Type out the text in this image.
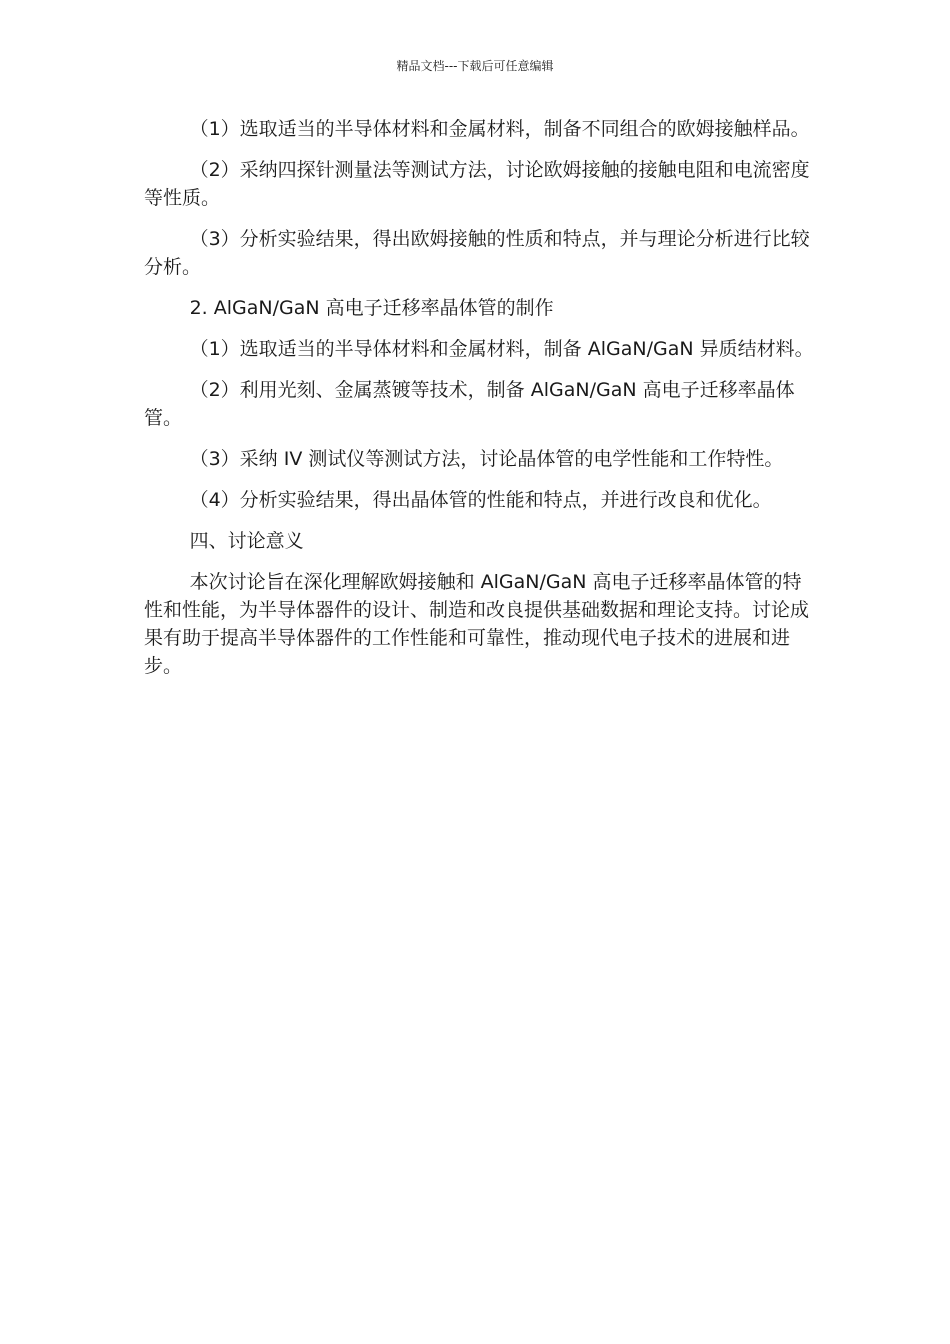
精品文档---下载后可任意编辑

（1）选取适当的半导体材料和金属材料，制备不同组合的欧姆接触样品。

（2）采纳四探针测量法等测试方法，讨论欧姆接触的接触电阻和电流密度等性质。

（3）分析实验结果，得出欧姆接触的性质和特点，并与理论分析进行比较分析。

2. AlGaN/GaN 高电子迁移率晶体管的制作

（1）选取适当的半导体材料和金属材料，制备 AlGaN/GaN 异质结材料。

（2）利用光刻、金属蒸镀等技术，制备 AlGaN/GaN 高电子迁移率晶体管。

（3）采纳 IV 测试仪等测试方法，讨论晶体管的电学性能和工作特性。

（4）分析实验结果，得出晶体管的性能和特点，并进行改良和优化。

四、讨论意义

本次讨论旨在深化理解欧姆接触和 AlGaN/GaN 高电子迁移率晶体管的特性和性能，为半导体器件的设计、制造和改良提供基础数据和理论支持。讨论成果有助于提高半导体器件的工作性能和可靠性，推动现代电子技术的进展和进步。
